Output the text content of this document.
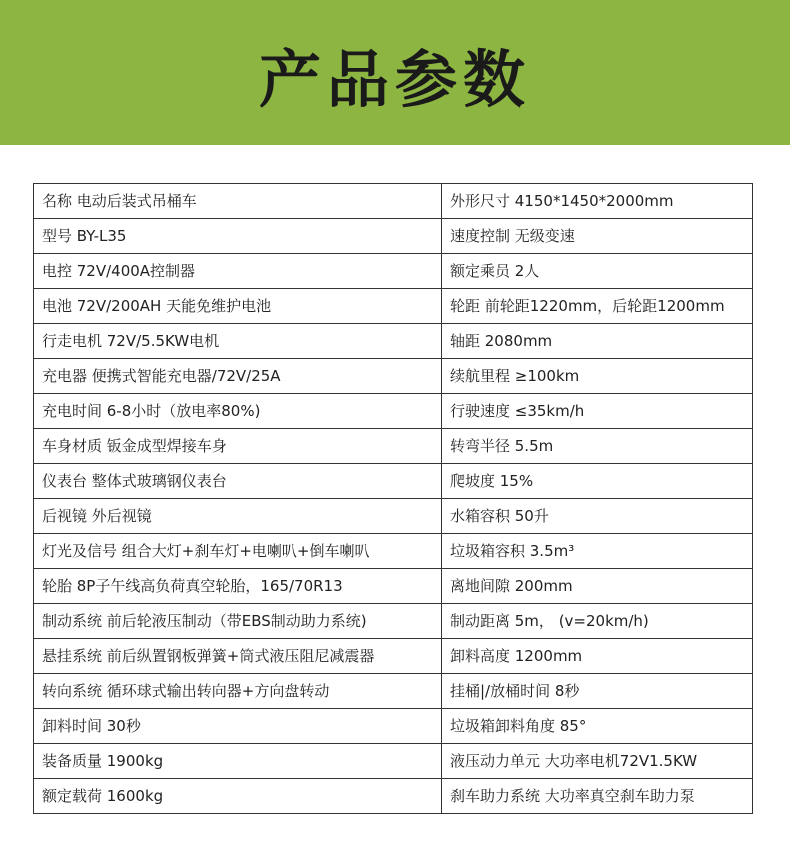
产品参数
名称 电动后装式吊桶车	外形尺寸 4150*1450*2000mm
型号 BY-L35	速度控制 无级变速
电控 72V/400A控制器	额定乘员 2人
电池 72V/200AH 天能免维护电池	轮距 前轮距1220mm，后轮距1200mm
行走电机 72V/5.5KW电机	轴距 2080mm
充电器 便携式智能充电器/72V/25A	续航里程 ≥100km
充电时间 6-8小时（放电率80%)	行驶速度 ≤35km/h
车身材质 钣金成型焊接车身	转弯半径 5.5m
仪表台 整体式玻璃钢仪表台	爬坡度 15%
后视镜 外后视镜	水箱容积 50升
灯光及信号 组合大灯+刹车灯+电喇叭+倒车喇叭	垃圾箱容积 3.5m³
轮胎 8P子午线高负荷真空轮胎，165/70R13	离地间隙 200mm
制动系统 前后轮液压制动（带EBS制动助力系统)	制动距离 5m， (v=20km/h)
悬挂系统 前后纵置钢板弹簧+筒式液压阻尼减震器	卸料高度 1200mm
转向系统 循环球式输出转向器+方向盘转动	挂桶|/放桶时间 8秒
卸料时间 30秒	垃圾箱卸料角度 85°
装备质量 1900kg	液压动力单元 大功率电机72V1.5KW
额定载荷 1600kg	刹车助力系统 大功率真空刹车助力泵
